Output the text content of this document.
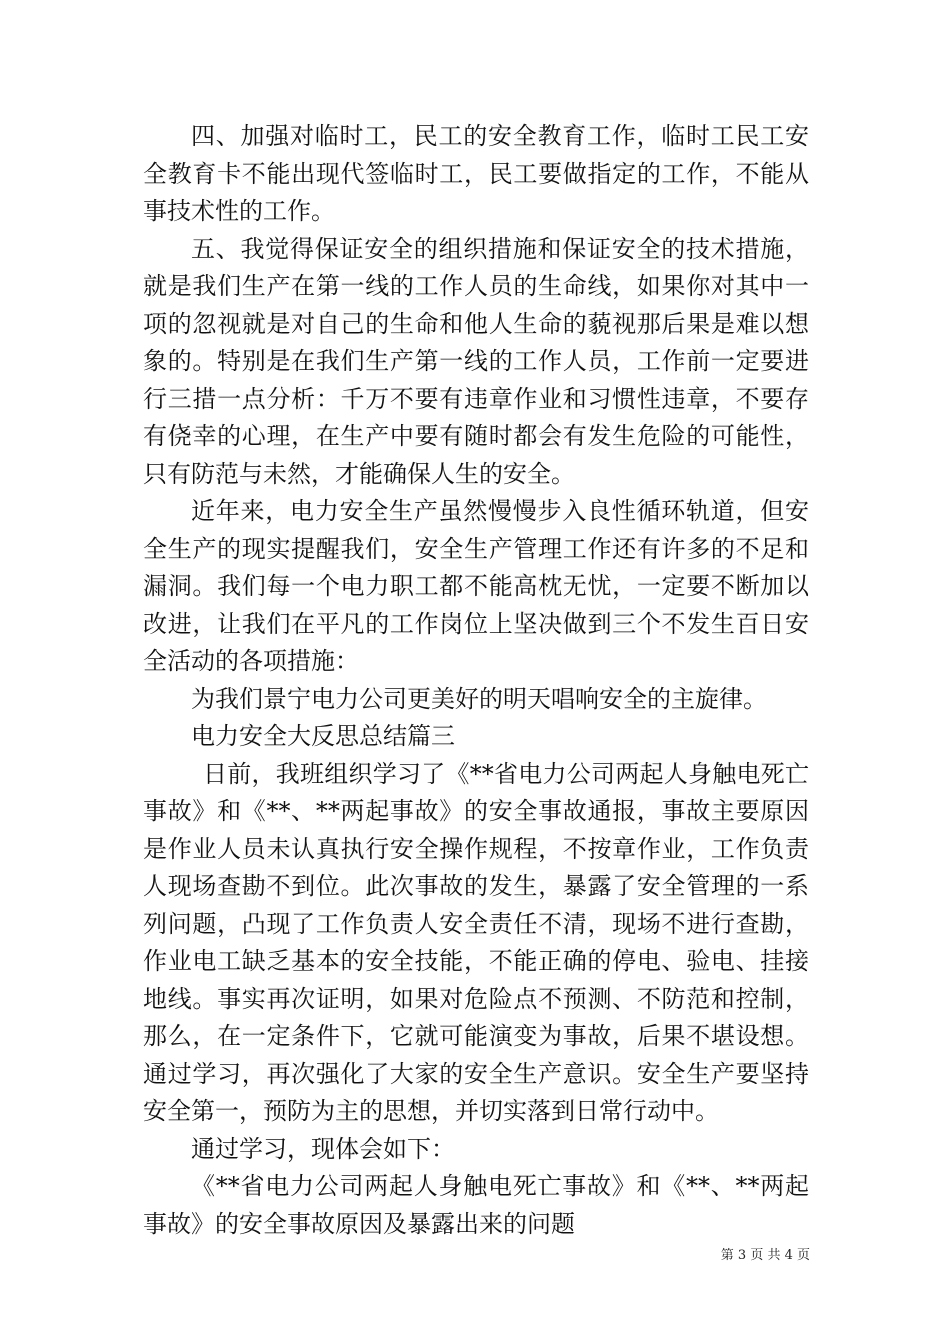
四、加强对临时工，民工的安全教育工作，临时工民工安全教育卡不能出现代签临时工，民工要做指定的工作，不能从事技术性的工作。

五、我觉得保证安全的组织措施和保证安全的技术措施，就是我们生产在第一线的工作人员的生命线，如果你对其中一项的忽视就是对自己的生命和他人生命的藐视那后果是难以想象的。特别是在我们生产第一线的工作人员，工作前一定要进行三措一点分析：千万不要有违章作业和习惯性违章，不要存有侥幸的心理，在生产中要有随时都会有发生危险的可能性，只有防范与未然，才能确保人生的安全。

近年来，电力安全生产虽然慢慢步入良性循环轨道，但安全生产的现实提醒我们，安全生产管理工作还有许多的不足和漏洞。我们每一个电力职工都不能高枕无忧，一定要不断加以改进，让我们在平凡的工作岗位上坚决做到三个不发生百日安全活动的各项措施：

为我们景宁电力公司更美好的明天唱响安全的主旋律。

电力安全大反思总结篇三

日前，我班组织学习了《**省电力公司两起人身触电死亡事故》和《**、**两起事故》的安全事故通报，事故主要原因是作业人员未认真执行安全操作规程，不按章作业，工作负责人现场查勘不到位。此次事故的发生，暴露了安全管理的一系列问题，凸现了工作负责人安全责任不清，现场不进行查勘，作业电工缺乏基本的安全技能，不能正确的停电、验电、挂接地线。事实再次证明，如果对危险点不预测、不防范和控制，那么，在一定条件下，它就可能演变为事故，后果不堪设想。通过学习，再次强化了大家的安全生产意识。安全生产要坚持安全第一，预防为主的思想，并切实落到日常行动中。

通过学习，现体会如下：

《**省电力公司两起人身触电死亡事故》和《**、**两起事故》的安全事故原因及暴露出来的问题

第 3 页 共 4 页
